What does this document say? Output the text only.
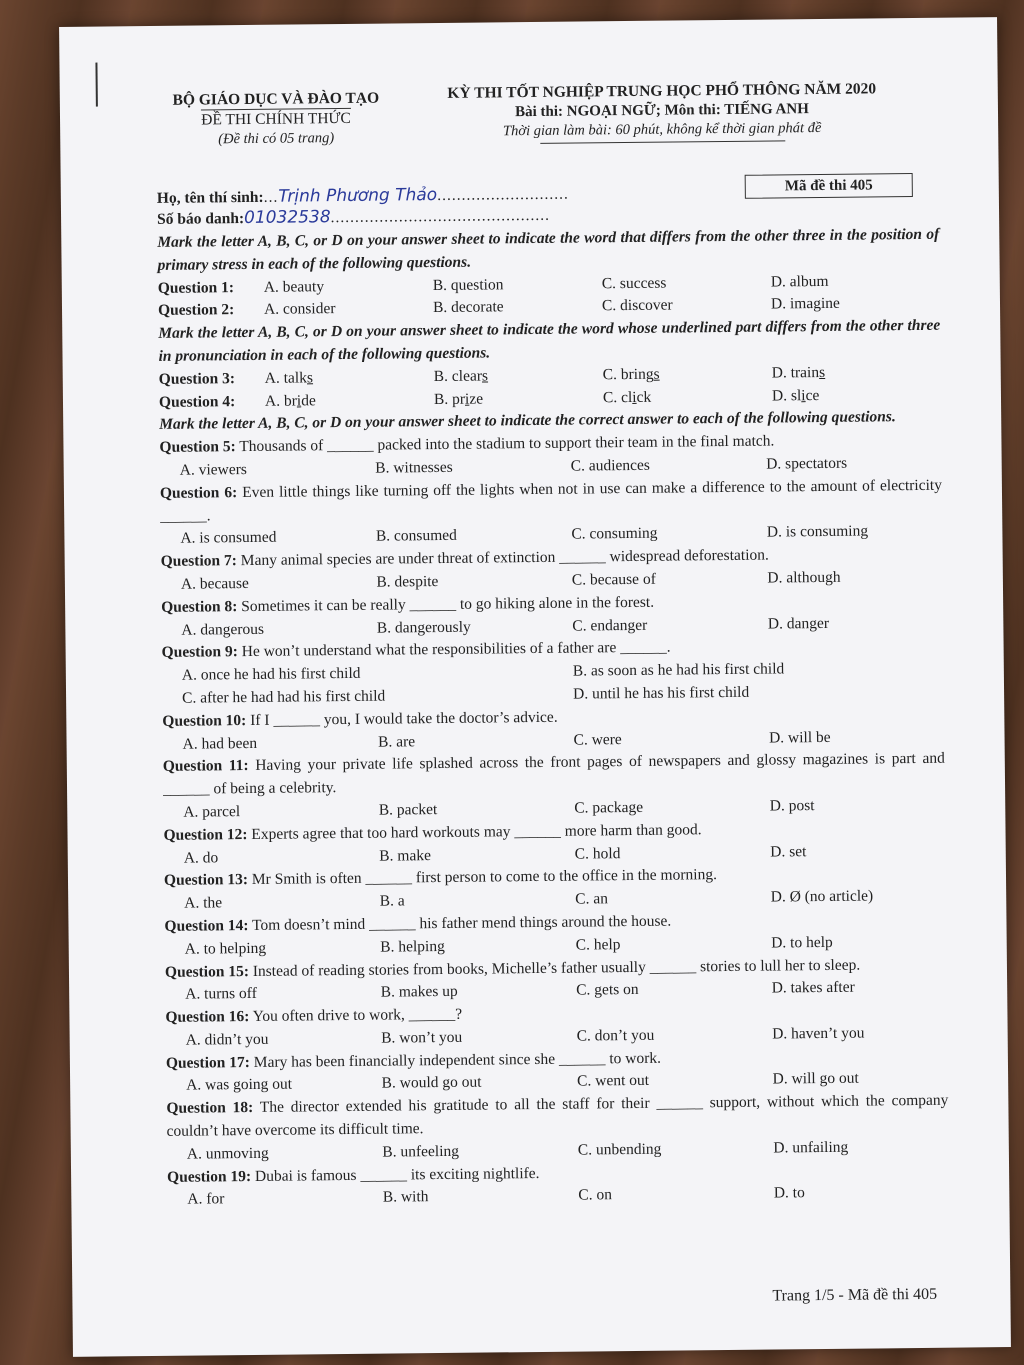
BỘ GIÁO DỤC VÀ ĐÀO TẠO
ĐỀ THI CHÍNH THỨC
(Đề thi có 05 trang)
KỲ THI TỐT NGHIỆP TRUNG HỌC PHỔ THÔNG NĂM 2020
Bài thi: NGOẠI NGỮ; Môn thi: TIẾNG ANH
Thời gian làm bài: 60 phút, không kể thời gian phát đề
Họ, tên thí sinh:...Trịnh Phương Thảo...........................
Số báo danh:01032538.............................................
Mã đề thi 405
Mark the letter A, B, C, or D on your answer sheet to indicate the word that differs from the other three in the position of primary stress in each of the following questions.
Question 1:	A. beauty	B. question	C. success	D. album
Question 2:	A. consider	B. decorate	C. discover	D. imagine
Mark the letter A, B, C, or D on your answer sheet to indicate the word whose underlined part differs from the other three in pronunciation in each of the following questions.
Question 3:	A. talks	B. clears	C. brings	D. trains
Question 4:	A. bride	B. prize	C. click	D. slice
Mark the letter A, B, C, or D on your answer sheet to indicate the correct answer to each of the following questions.
Question 5: Thousands of ______ packed into the stadium to support their team in the final match.
A. viewers	B. witnesses	C. audiences	D. spectators
Question 6: Even little things like turning off the lights when not in use can make a difference to the amount of electricity ______.
A. is consumed	B. consumed	C. consuming	D. is consuming
Question 7: Many animal species are under threat of extinction ______ widespread deforestation.
A. because	B. despite	C. because of	D. although
Question 8: Sometimes it can be really ______ to go hiking alone in the forest.
A. dangerous	B. dangerously	C. endanger	D. danger
Question 9: He won’t understand what the responsibilities of a father are ______.
A. once he had his first child	B. as soon as he had his first child
C. after he had had his first child	D. until he has his first child
Question 10: If I ______ you, I would take the doctor’s advice.
A. had been	B. are	C. were	D. will be
Question 11: Having your private life splashed across the front pages of newspapers and glossy magazines is part and ______ of being a celebrity.
A. parcel	B. packet	C. package	D. post
Question 12: Experts agree that too hard workouts may ______ more harm than good.
A. do	B. make	C. hold	D. set
Question 13: Mr Smith is often ______ first person to come to the office in the morning.
A. the	B. a	C. an	D. Ø (no article)
Question 14: Tom doesn’t mind ______ his father mend things around the house.
A. to helping	B. helping	C. help	D. to help
Question 15: Instead of reading stories from books, Michelle’s father usually ______ stories to lull her to sleep.
A. turns off	B. makes up	C. gets on	D. takes after
Question 16: You often drive to work, ______?
A. didn’t you	B. won’t you	C. don’t you	D. haven’t you
Question 17: Mary has been financially independent since she ______ to work.
A. was going out	B. would go out	C. went out	D. will go out
Question 18: The director extended his gratitude to all the staff for their ______ support, without which the company couldn’t have overcome its difficult time.
A. unmoving	B. unfeeling	C. unbending	D. unfailing
Question 19: Dubai is famous ______ its exciting nightlife.
A. for	B. with	C. on	D. to
Trang 1/5 - Mã đề thi 405
